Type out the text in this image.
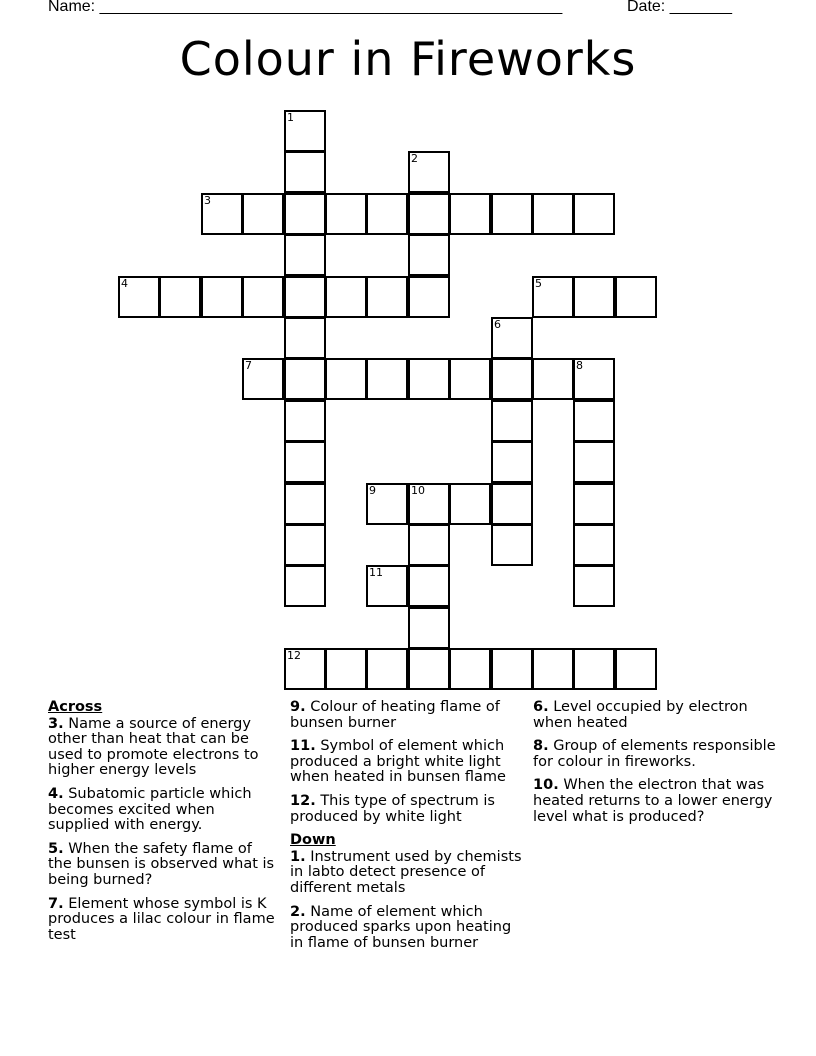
Name: ____________________________________________________	Date: _______
Colour in Fireworks
1
2
3
4	5
6
7	8
9	10
11
12
Across
3. Name a source of energy other than heat that can be used to promote electrons to higher energy levels
4. Subatomic particle which becomes excited when supplied with energy.
5. When the safety flame of the bunsen is observed what is being burned?
7. Element whose symbol is K produces a lilac colour in flame test
9. Colour of heating flame of bunsen burner
11. Symbol of element which produced a bright white light when heated in bunsen flame
12. This type of spectrum is produced by white light
Down
1. Instrument used by chemists in labto detect presence of different metals
2. Name of element which produced sparks upon heating in flame of bunsen burner
6. Level occupied by electron when heated
8. Group of elements responsible for colour in fireworks.
10. When the electron that was heated returns to a lower energy level what is produced?
